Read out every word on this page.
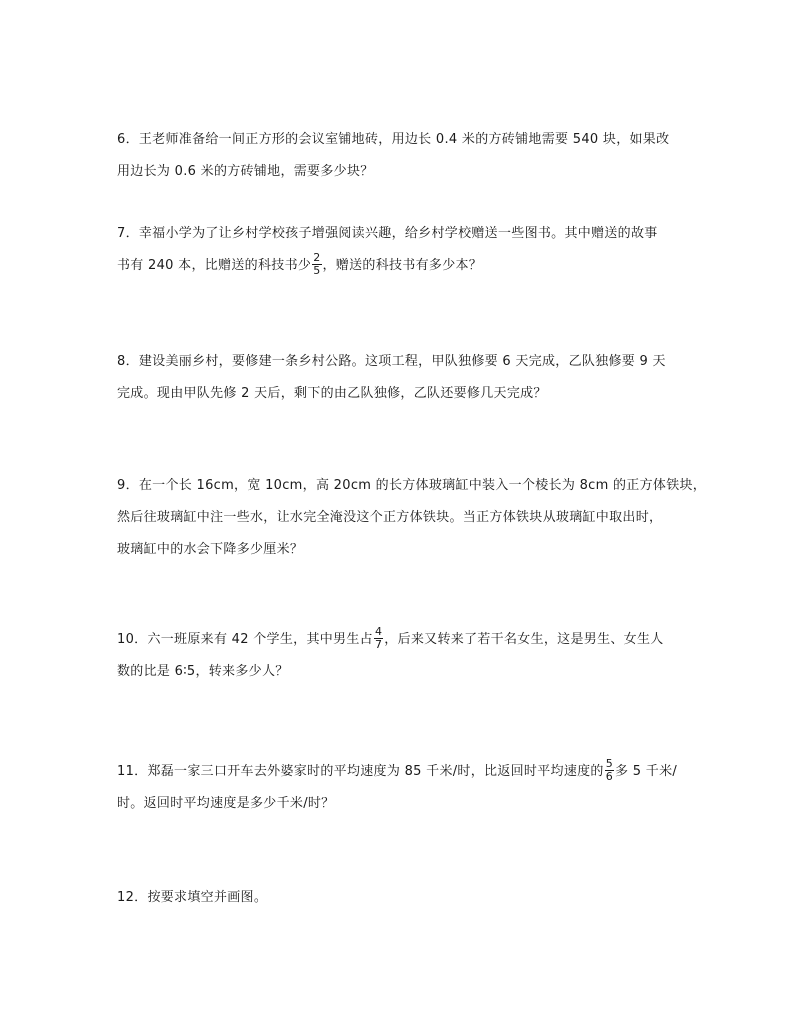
6．王老师准备给一间正方形的会议室铺地砖，用边长 0.4 米的方砖铺地需要 540 块，如果改
用边长为 0.6 米的方砖铺地，需要多少块？
7．幸福小学为了让乡村学校孩子增强阅读兴趣，给乡村学校赠送一些图书。其中赠送的故事
书有 240 本，比赠送的科技书少 $\frac{2}{5}$ ，赠送的科技书有多少本？
8．建设美丽乡村，要修建一条乡村公路。这项工程，甲队独修要 6 天完成，乙队独修要 9 天
完成。现由甲队先修 2 天后，剩下的由乙队独修，乙队还要修几天完成？
9．在一个长 16cm，宽 10cm，高 20cm 的长方体玻璃缸中装入一个棱长为 8cm 的正方体铁块，
然后往玻璃缸中注一些水，让水完全淹没这个正方体铁块。当正方体铁块从玻璃缸中取出时，
玻璃缸中的水会下降多少厘米？
10．六一班原来有 42 个学生，其中男生占 $\frac{4}{7}$ ，后来又转来了若干名女生，这是男生、女生人
数的比是 6∶5，转来多少人？
11．郑磊一家三口开车去外婆家时的平均速度为 85 千米/时，比返回时平均速度的 $\frac{5}{6}$ 多 5 千米/
时。返回时平均速度是多少千米/时？
12．按要求填空并画图。
